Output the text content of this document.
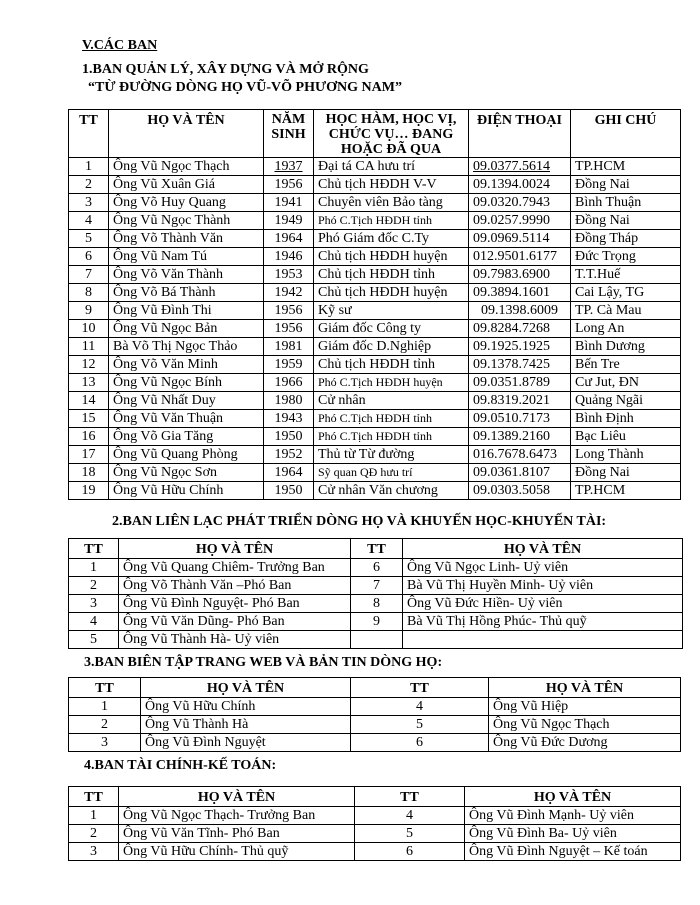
V.CÁC BAN
1.BAN QUẢN LÝ, XÂY DỰNG VÀ MỞ RỘNG
“TỪ ĐƯỜNG DÒNG HỌ VŨ-VÕ PHƯƠNG NAM”
TT	HỌ VÀ TÊN	NĂM SINH	HỌC HÀM, HỌC VỊ, CHỨC VỤ… ĐANG HOẶC ĐÃ QUA	ĐIỆN THOẠI	GHI CHÚ
1	Ông Vũ Ngọc Thạch	1937	Đại tá CA hưu trí	09.0377.5614	TP.HCM
2	Ông Vũ Xuân Giá	1956	Chủ tịch HĐDH V-V	09.1394.0024	Đồng Nai
3	Ông Võ Huy Quang	1941	Chuyên viên Bảo tàng	09.0320.7943	Bình Thuận
4	Ông Vũ Ngọc Thành	1949	Phó C.Tịch HĐDH tỉnh	09.0257.9990	Đồng Nai
5	Ông Võ Thành Văn	1964	Phó Giám đốc C.Ty	09.0969.5114	Đồng Tháp
6	Ông Vũ Nam Tú	1946	Chủ tịch HĐDH huyện	012.9501.6177	Đức Trọng
7	Ông Võ Văn Thành	1953	Chủ tịch HĐDH tỉnh	09.7983.6900	T.T.Huế
8	Ông Võ Bá Thành	1942	Chủ tịch HĐDH huyện	09.3894.1601	Cai Lậy, TG
9	Ông Vũ Đình Thi	1956	Kỹ sư	09.1398.6009	TP. Cà Mau
10	Ông Vũ Ngọc Bản	1956	Giám đốc Công ty	09.8284.7268	Long An
11	Bà Võ Thị Ngọc Thảo	1981	Giám đốc D.Nghiệp	09.1925.1925	Bình Dương
12	Ông Võ Văn Minh	1959	Chủ tịch HĐDH tỉnh	09.1378.7425	Bến Tre
13	Ông Vũ Ngọc Bính	1966	Phó C.Tịch HĐDH huyện	09.0351.8789	Cư Jut, ĐN
14	Ông Vũ Nhất Duy	1980	Cử nhân	09.8319.2021	Quảng Ngãi
15	Ông Vũ Văn Thuận	1943	Phó C.Tịch HĐDH tỉnh	09.0510.7173	Bình Định
16	Ông Võ Gia Tăng	1950	Phó C.Tịch HĐDH tỉnh	09.1389.2160	Bạc Liêu
17	Ông Vũ Quang Phòng	1952	Thủ từ Từ đường	016.7678.6473	Long Thành
18	Ông Vũ Ngọc Sơn	1964	Sỹ quan QĐ hưu trí	09.0361.8107	Đồng Nai
19	Ông Vũ Hữu Chính	1950	Cử nhân Văn chương	09.0303.5058	TP.HCM
2.BAN LIÊN LẠC PHÁT TRIỂN DÒNG HỌ VÀ KHUYẾN HỌC-KHUYẾN TÀI:
TT	HỌ VÀ TÊN	TT	HỌ VÀ TÊN
1	Ông Vũ Quang Chiêm- Trưởng Ban	6	Ông Vũ Ngọc Linh- Uỷ viên
2	Ông Võ Thành Văn –Phó Ban	7	Bà Vũ Thị Huyền Minh- Uỷ viên
3	Ông Vũ Đình Nguyệt- Phó Ban	8	Ông Vũ Đức Hiền- Uỷ viên
4	Ông Vũ Văn Dũng- Phó Ban	9	Bà Vũ Thị Hồng Phúc- Thủ quỹ
5	Ông Vũ Thành Hà- Uỷ viên		
3.BAN BIÊN TẬP TRANG WEB VÀ BẢN TIN DÒNG HỌ:
TT	HỌ VÀ TÊN	TT	HỌ VÀ TÊN
1	Ông Vũ Hữu Chính	4	Ông Vũ Hiệp
2	Ông Vũ Thành Hà	5	Ông Vũ Ngọc Thạch
3	Ông Vũ Đình Nguyệt	6	Ông Vũ Đức Dương
4.BAN TÀI CHÍNH-KẾ TOÁN:
TT	HỌ VÀ TÊN	TT	HỌ VÀ TÊN
1	Ông Vũ Ngọc Thạch- Trưởng Ban	4	Ông Vũ Đình Mạnh- Uỷ viên
2	Ông Vũ Văn Tĩnh- Phó Ban	5	Ông Vũ Đình Ba- Uỷ viên
3	Ông Vũ Hữu Chính- Thủ quỹ	6	Ông Vũ Đình Nguyệt – Kế toán
